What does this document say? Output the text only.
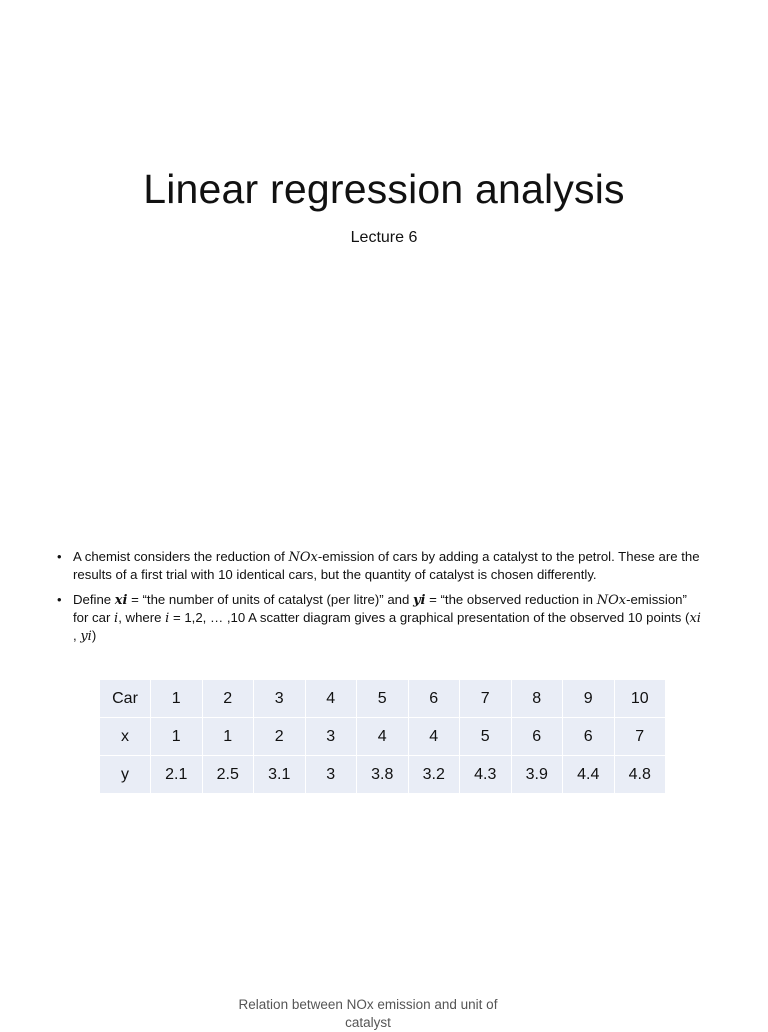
Linear regression analysis
Lecture 6
• A chemist considers the reduction of NOx-emission of cars by adding a catalyst to the petrol. These are the results of a first trial with 10 identical cars, but the quantity of catalyst is chosen differently.
• Define xi = “the number of units of catalyst (per litre)” and yi = “the observed reduction in NOx-emission” for car i, where i = 1,2, … ,10 A scatter diagram gives a graphical presentation of the observed 10 points (xi , yi)
Car	1	2	3	4	5	6	7	8	9	10
x	1	1	2	3	4	4	5	6	6	7
y	2.1	2.5	3.1	3	3.8	3.2	4.3	3.9	4.4	4.8
Relation between NOx emission and unit of catalyst
